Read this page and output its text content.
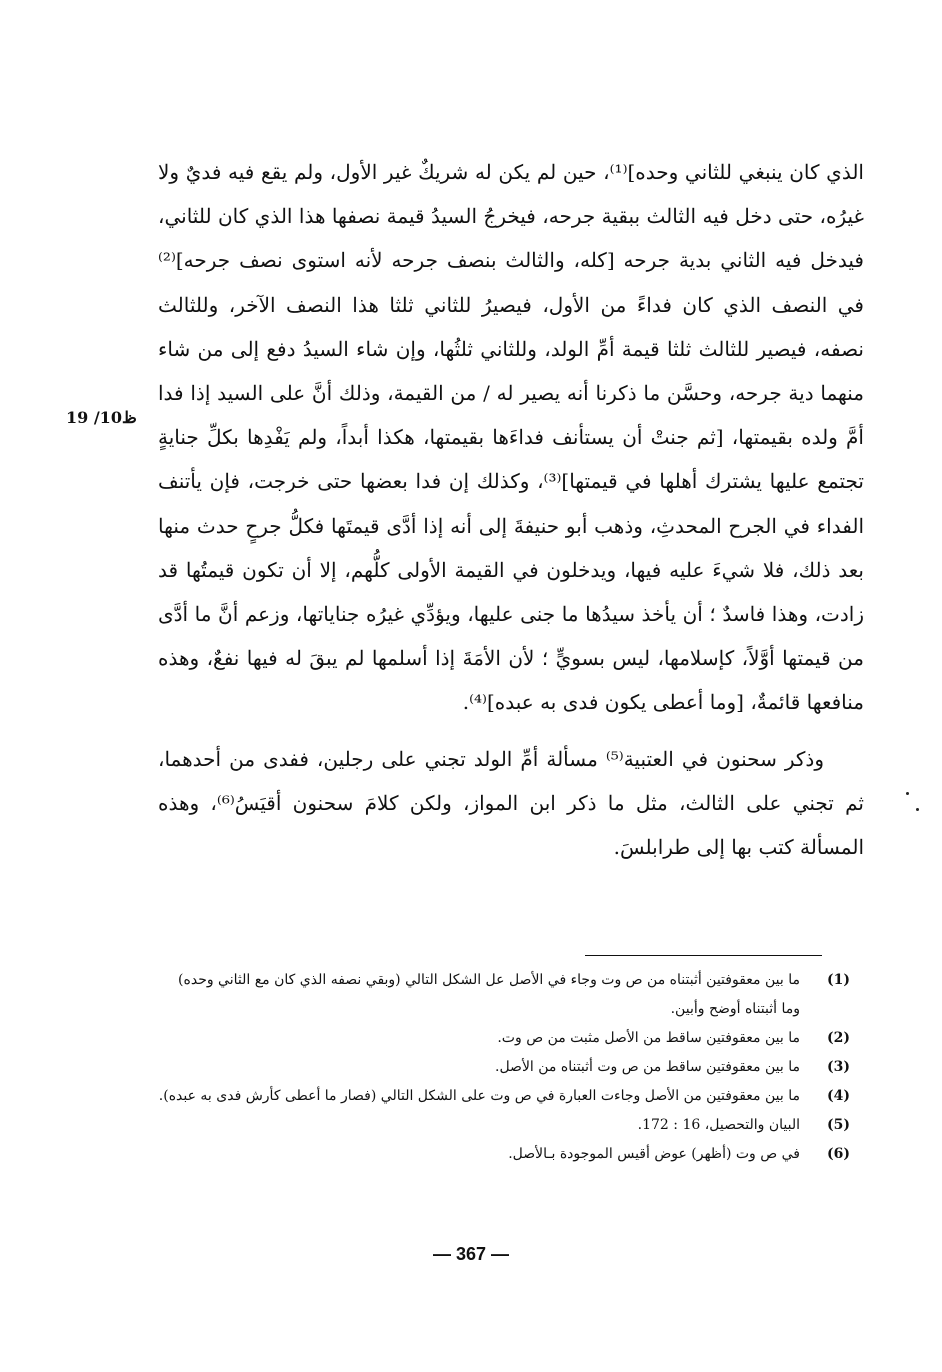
19 /10ظ

الذي كان ينبغي للثاني وحده]⁽¹⁾، حين لم يكن له شريكٌ غير الأول، ولم يقع فيه فديٌ ولا غيرُه، حتى دخل فيه الثالث ببقية جرحه، فيخرجُ السيدُ قيمة نصفها هذا الذي كان للثاني، فيدخل فيه الثاني بدية جرحه [كله، والثالث بنصف جرحه لأنه استوى نصف جرحه]⁽²⁾ في النصف الذي كان فداءً من الأول، فيصيرُ للثاني ثلثا هذا النصف الآخر، وللثالث نصفه، فيصير للثالث ثلثا قيمة أمِّ الولد، وللثاني ثلثُها، وإن شاء السيدُ دفع إلى من شاء منهما دية جرحه، وحسَّن ما ذكرنا أنه يصير له / من القيمة، وذلك أنَّ على السيد إذا فدا أمَّ ولده بقيمتها، [ثم جنتْ أن يستأنف فداءَها بقيمتها، هكذا أبداً، ولم يَفْدِها بكلِّ جنايةٍ تجتمع عليها يشترك أهلها في قيمتها]⁽³⁾، وكذلك إن فدا بعضها حتى خرجت، فإن يأتنف الفداء في الجرح المحدثِ، وذهب أبو حنيفةَ إلى أنه إذا أدَّى قيمتَها فكلُّ جرحٍ حدث منها بعد ذلك، فلا شيءَ عليه فيها، ويدخلون في القيمة الأولى كلُّهم، إلا أن تكون قيمتُها قد زادت، وهذا فاسدٌ ؛ أن يأخذ سيدُها ما جنى عليها، ويؤدِّي غيرُه جناياتها، وزعم أنَّ ما أدَّى من قيمتها أوَّلاً، كإسلامها، ليس بسويٍّ ؛ لأن الأمَةَ إذا أسلمها لم يبقَ له فيها نفعٌ، وهذه منافعها قائمةٌ، [وما أعطى يكون فدى به عبده]⁽⁴⁾.

وذكر سحنون في العتبية⁽⁵⁾ مسألة أمِّ الولد تجني على رجلين، ففدى من أحدهما، ثم تجني على الثالث، مثل ما ذكر ابن المواز، ولكن كلامَ سحنون أقيَسُ⁽⁶⁾، وهذه المسألة كتب بها إلى طرابلسَ.

(1)
ما بين معقوفتين أثبتناه من ص وت وجاء في الأصل عل الشكل التالي (وبقي نصفه الذي كان مع الثاني وحده) وما أثبتناه أوضح وأبين.
(2)
ما بين معقوفتين ساقط من الأصل مثبت من ص وت.
(3)
ما بين معقوفتين ساقط من ص وت أثبتناه من الأصل.
(4)
ما بين معقوفتين من الأصل وجاءت العبارة في ص وت على الشكل التالي (فصار ما أعطى كأرش فدى به عبده).
(5)
البيان والتحصيل، 16 : 172.
(6)
في ص وت (أظهر) عوض أقيس الموجودة بـالأصل.
— 367 —
